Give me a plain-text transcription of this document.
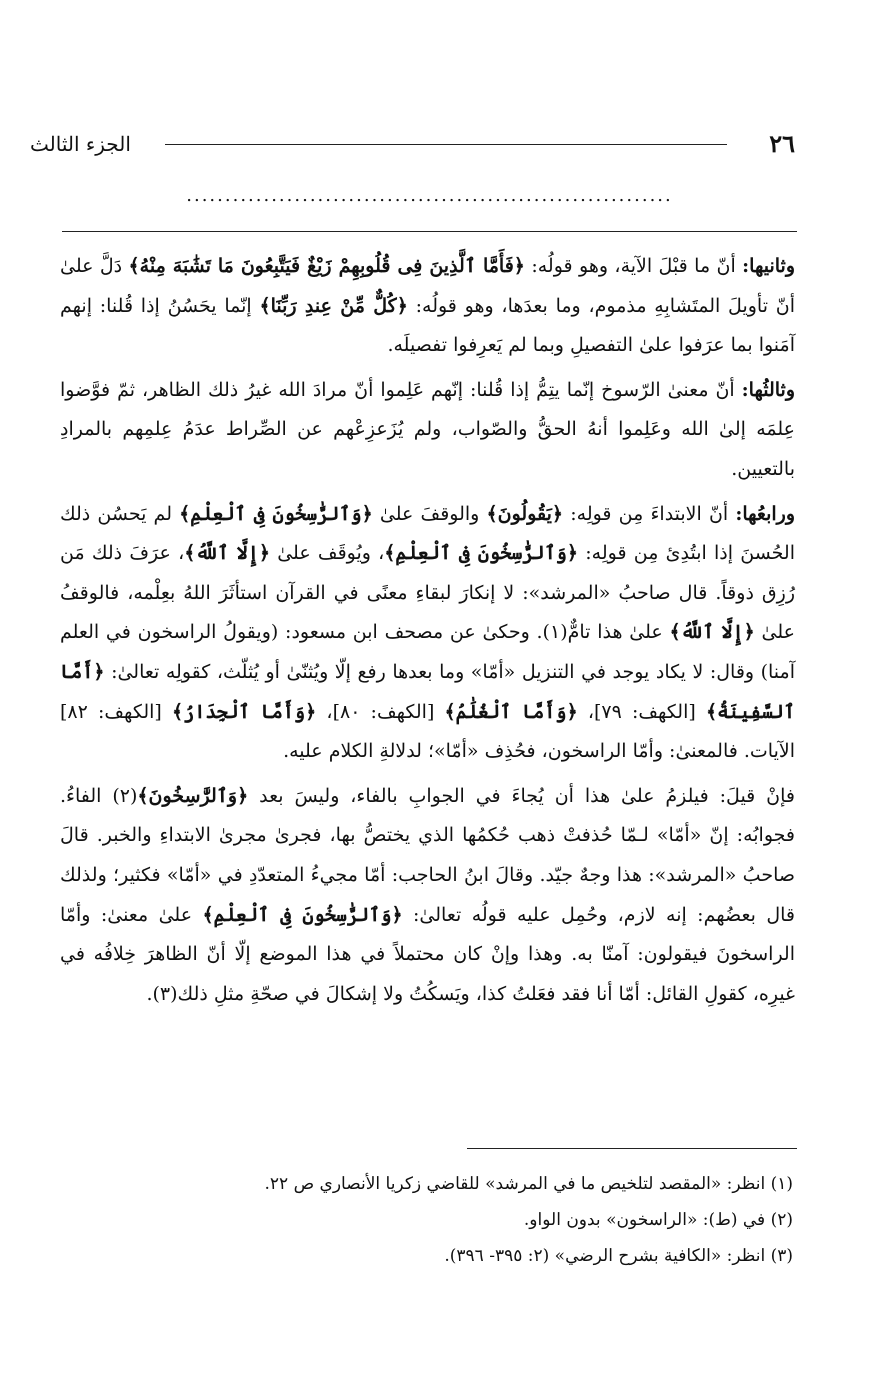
٢٦
الجزء الثالث
...............................................................

وثانيها: أنّ ما قبْلَ الآية، وهو قولُه: ﴿فَأَمَّا ٱلَّذِينَ فِى قُلُوبِهِمْ زَيْغٌ فَيَتَّبِعُونَ مَا تَشَٰبَهَ مِنْهُ﴾ دَلَّ علىٰ أنّ تأويلَ المتَشابِهِ مذموم، وما بعدَها، وهو قولُه: ﴿كُلٌّ مِّنْ عِندِ رَبِّنَا﴾ إنّما يحَسُنُ إذا قُلنا: إنهم آمَنوا بما عرَفوا علىٰ التفصيلِ وبما لم يَعرِفوا تفصيلَه.

وثالثُها: أنّ معنىٰ الرّسوخ إنّما يتِمُّ إذا قُلنا: إنّهم عَلِموا أنّ مرادَ الله غيرُ ذلك الظاهر، ثمّ فوَّضوا عِلمَه إلىٰ الله وعَلِموا أنهُ الحقُّ والصّواب، ولم يُزَعزِعْهم عن الصِّراط عدَمُ عِلمِهم بالمرادِ بالتعيين.

ورابعُها: أنّ الابتداءَ مِن قولِه: ﴿يَقُولُونَ﴾ والوقفَ علىٰ ﴿وَٱلرَّٰسِخُونَ فِى ٱلْعِلْمِ﴾ لم يَحسُن ذلك الحُسنَ إذا ابتُدِئ مِن قولِه: ﴿وَٱلرَّٰسِخُونَ فِى ٱلْعِلْمِ﴾، ويُوقَف علىٰ ﴿إِلَّا ٱللَّهُ﴾، عرَفَ ذلك مَن رُزِق ذوقاً. قال صاحبُ «المرشد»: لا إنكارَ لبقاءِ معنًى في القرآن استأثَرَ اللهُ بعِلْمه، فالوقفُ علىٰ ﴿إِلَّا ٱللَّهُ﴾ علىٰ هذا تامٌّ(١). وحكىٰ عن مصحف ابن مسعود: (ويقولُ الراسخون في العلم آمنا) وقال: لا يكاد يوجد في التنزيل «أمّا» وما بعدها رفع إلّا ويُثنّىٰ أو يُثلّث، كقولِه تعالىٰ: ﴿أَمَّا ٱلسَّفِينَةُ﴾ [الكهف: ٧٩]، ﴿وَأَمَّا ٱلْغُلَٰمُ﴾ [الكهف: ٨٠]، ﴿وَأَمَّا ٱلْجِدَارُ﴾ [الكهف: ٨٢] الآيات. فالمعنىٰ: وأمّا الراسخون، فحُذِف «أمّا»؛ لدلالةِ الكلام عليه.

فإنْ قيلَ: فيلزمُ علىٰ هذا أن يُجاءَ في الجوابِ بالفاء، وليسَ بعد ﴿وَٱلرَّٰسِخُونَ﴾(٢) الفاءُ. فجوابُه: إنّ «أمّا» لـمّا حُذفتْ ذهب حُكمُها الذي يختصُّ بها، فجرىٰ مجرىٰ الابتداءِ والخبر. قالَ صاحبُ «المرشد»: هذا وجهٌ جيّد. وقالَ ابنُ الحاجب: أمّا مجيءُ المتعدّدِ في «أمّا» فكثير؛ ولذلك قال بعضُهم: إنه لازم، وحُمِل عليه قولُه تعالىٰ: ﴿وَٱلرَّٰسِخُونَ فِى ٱلْعِلْمِ﴾ علىٰ معنىٰ: وأمّا الراسخونَ فيقولون: آمنّا به. وهذا وإنْ كان محتملاً في هذا الموضع إلّا أنّ الظاهرَ خِلافُه في غيرِه، كقولِ القائل: أمّا أنا فقد فعَلتُ كذا، ويَسكُتُ ولا إشكالَ في صحّةِ مثلِ ذلك(٣).

(١) انظر: «المقصد لتلخيص ما في المرشد» للقاضي زكريا الأنصاري ص ٢٢.

(٢) في (ط): «الراسخون» بدون الواو.

(٣) انظر: «الكافية بشرح الرضي» (٢: ٣٩٥- ٣٩٦).
